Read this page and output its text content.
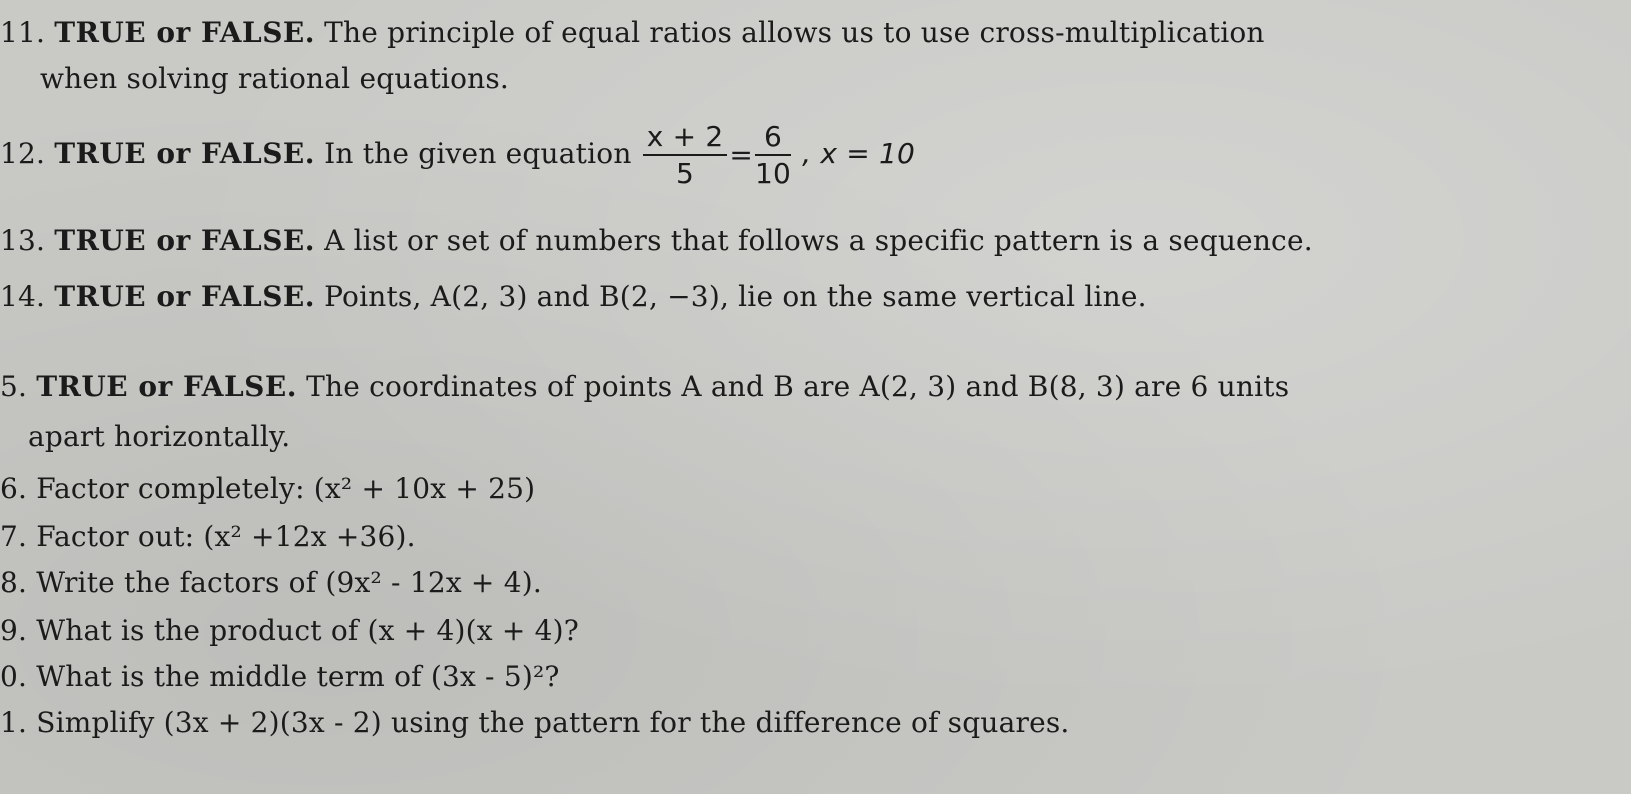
11. TRUE or FALSE. The principle of equal ratios allows us to use cross-multiplication
when solving rational equations.
12. TRUE or FALSE. In the given equation $\frac{x + 2}{5} = \frac{6}{10}$ , x = 10
13. TRUE or FALSE. A list or set of numbers that follows a specific pattern is a sequence.
14. TRUE or FALSE. Points, A(2, 3) and B(2, −3), lie on the same vertical line.
5. TRUE or FALSE. The coordinates of points A and B are A(2, 3) and B(8, 3) are 6 units
apart horizontally.
6. Factor completely: (x² + 10x + 25)
7. Factor out: (x² +12x +36).
8. Write the factors of (9x² - 12x + 4).
9. What is the product of (x + 4)(x + 4)?
0. What is the middle term of (3x - 5)²?
1. Simplify (3x + 2)(3x - 2) using the pattern for the difference of squares.
